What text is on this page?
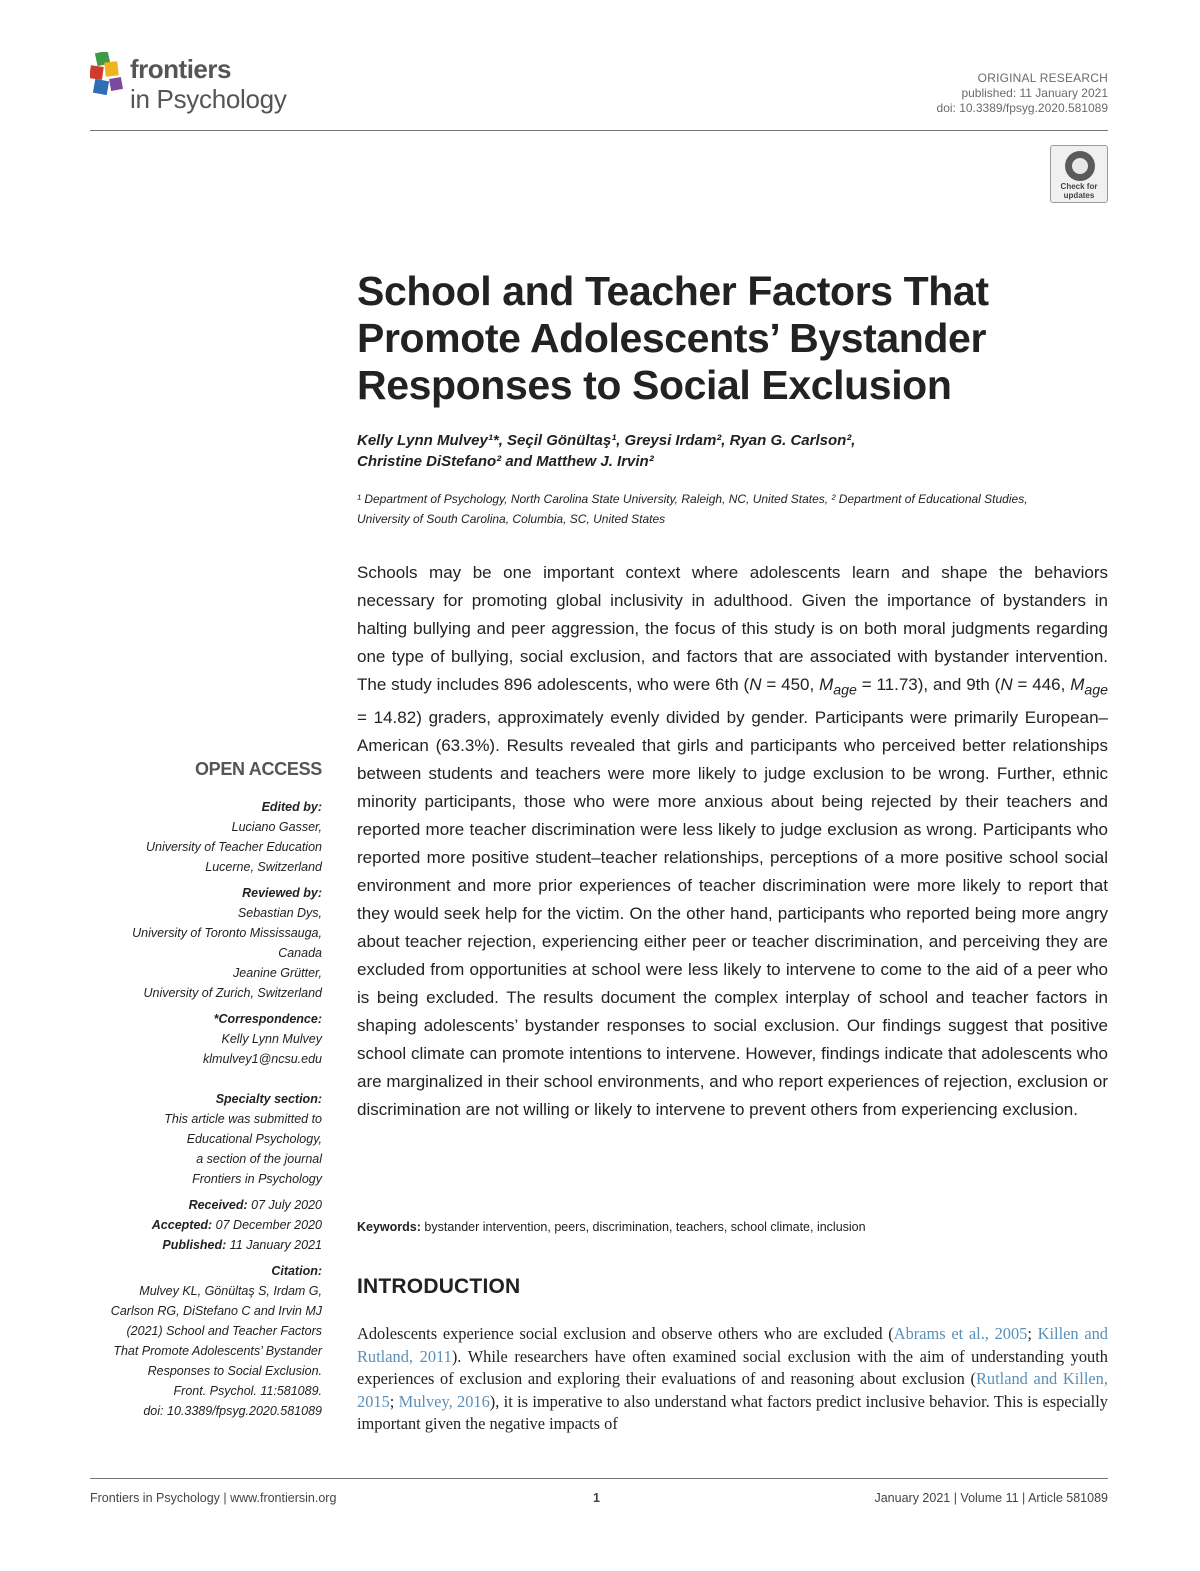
frontiers
in Psychology
ORIGINAL RESEARCH
published: 11 January 2021
doi: 10.3389/fpsyg.2020.581089
Check for updates
School and Teacher Factors That Promote Adolescents’ Bystander Responses to Social Exclusion
Kelly Lynn Mulvey¹*, Seçil Gönültaş¹, Greysi Irdam², Ryan G. Carlson²,
Christine DiStefano² and Matthew J. Irvin²
¹ Department of Psychology, North Carolina State University, Raleigh, NC, United States, ² Department of Educational Studies, University of South Carolina, Columbia, SC, United States
Schools may be one important context where adolescents learn and shape the behaviors necessary for promoting global inclusivity in adulthood. Given the importance of bystanders in halting bullying and peer aggression, the focus of this study is on both moral judgments regarding one type of bullying, social exclusion, and factors that are associated with bystander intervention. The study includes 896 adolescents, who were 6th (N = 450, $M_{age} = 11.73$), and 9th (N = 446, $M_{age} = 14.82$) graders, approximately evenly divided by gender. Participants were primarily European–American (63.3%). Results revealed that girls and participants who perceived better relationships between students and teachers were more likely to judge exclusion to be wrong. Further, ethnic minority participants, those who were more anxious about being rejected by their teachers and reported more teacher discrimination were less likely to judge exclusion as wrong. Participants who reported more positive student–teacher relationships, perceptions of a more positive school social environment and more prior experiences of teacher discrimination were more likely to report that they would seek help for the victim. On the other hand, participants who reported being more angry about teacher rejection, experiencing either peer or teacher discrimination, and perceiving they are excluded from opportunities at school were less likely to intervene to come to the aid of a peer who is being excluded. The results document the complex interplay of school and teacher factors in shaping adolescents’ bystander responses to social exclusion. Our findings suggest that positive school climate can promote intentions to intervene. However, findings indicate that adolescents who are marginalized in their school environments, and who report experiences of rejection, exclusion or discrimination are not willing or likely to intervene to prevent others from experiencing exclusion.
Keywords: bystander intervention, peers, discrimination, teachers, school climate, inclusion
INTRODUCTION
Adolescents experience social exclusion and observe others who are excluded (Abrams et al., 2005; Killen and Rutland, 2011). While researchers have often examined social exclusion with the aim of understanding youth experiences of exclusion and exploring their evaluations of and reasoning about exclusion (Rutland and Killen, 2015; Mulvey, 2016), it is imperative to also understand what factors predict inclusive behavior. This is especially important given the negative impacts of
OPEN ACCESS
Edited by:
Luciano Gasser,
University of Teacher Education
Lucerne, Switzerland
Reviewed by:
Sebastian Dys,
University of Toronto Mississauga,
Canada
Jeanine Grütter,
University of Zurich, Switzerland
*Correspondence:
Kelly Lynn Mulvey
klmulvey1@ncsu.edu
Specialty section:
This article was submitted to
Educational Psychology,
a section of the journal
Frontiers in Psychology
Received: 07 July 2020
Accepted: 07 December 2020
Published: 11 January 2021
Citation:
Mulvey KL, Gönültaş S, Irdam G,
Carlson RG, DiStefano C and Irvin MJ
(2021) School and Teacher Factors
That Promote Adolescents’ Bystander
Responses to Social Exclusion.
Front. Psychol. 11:581089.
doi: 10.3389/fpsyg.2020.581089
Frontiers in Psychology | www.frontiersin.org	1	January 2021 | Volume 11 | Article 581089
